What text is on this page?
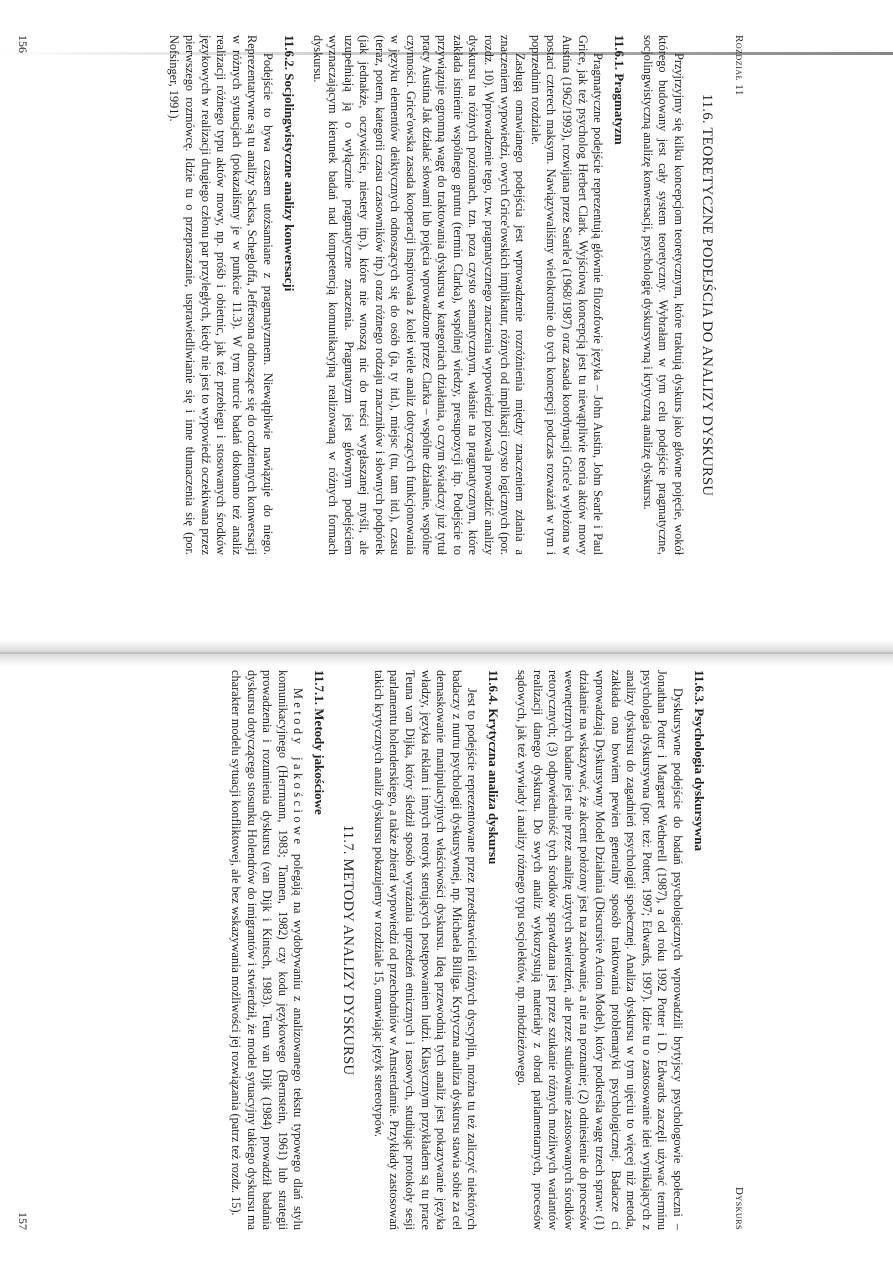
Rozdział 11
11.6. TEORETYCZNE PODEJŚCIA DO ANALIZY DYSKURSU

Przyjrzyjmy się kilku koncepcjom teoretycznym, które traktują dyskurs jako główne pojęcie, wokół którego budowany jest cały system teoretyczny. Wybrałam w tym celu podejście pragmatyczne, socjolingwistyczną analizę konwersacji, psychologię dyskursywną i krytyczną analizę dyskursu.

11.6.1. Pragmatyzm

Pragmatyczne podejście reprezentują głównie filozofowie języka – John Austin, John Searle i Paul Grice, jak też psycholog Herbert Clark. Wyjściową koncepcją jest tu niewątpliwie teoria aktów mowy Austina (1962/1993), rozwijana przez Searle'a (1968/1987) oraz zasada koordynacji Grice'a wyłożona w postaci czterech maksym. Nawiązywaliśmy wielokrotnie do tych koncepcji podczas rozważań w tym i poprzednim rozdziale.

Zasługą omawianego podejścia jest wprowadzenie rozróżnienia między znaczeniem zdania a znaczeniem wypowiedzi, owych Grice'owskich implikatur, różnych od implikacji czysto logicznych (por. rozdz. 10). Wprowadzenie tego, tzw. pragmatycznego znaczenia wypowiedzi pozwala prowadzić analizy dyskursu na różnych poziomach, tzn. poza czysto semantycznym, właśnie na pragmatycznym, które zakłada istnienie wspólnego gruntu (termin Clarka), wspólnej wiedzy, presupozycji itp. Podejście to przywiązuje ogromną wagę do traktowania dyskursu w kategoriach działania, o czym świadczy już tytuł pracy Austina Jak działać słowami lub pojęcia wprowadzone przez Clarka – wspólne działanie, wspólne czynności. Grice'owska zasada kooperacji inspirowała z kolei wiele analiz dotyczących funkcjonowania w języku elementów deiktycznych odnoszących się do osób (ja, ty itd.), miejsc (tu, tam itd.), czasu (teraz, potem, kategorii czasu czasowników itp.) oraz różnego rodzaju znaczników i słownych podpórek (jak jednakże, oczywiście, niestety itp.), które nie wnoszą nic do treści wygłaszanej myśli, ale uzupełniają ją o wyłącznie pragmatyczne znaczenia. Pragmatyzm jest głównym podejściem wyznaczającym kierunek badań nad kompetencją komunikacyjną realizowaną w różnych formach dyskursu.

11.6.2. Socjolingwistyczne analizy konwersacji

Podejście to bywa czasem utożsamiane z pragmatyzmem. Niewątpliwie nawiązuje do niego. Reprezentatywne są tu analizy Sacksa, Schegloffa, Jeffersona odnoszące się do codziennych konwersacji w różnych sytuacjach (pokazaliśmy je w punkcie 11.3). W tym nurcie badań dokonano też analiz realizacji różnego typu aktów mowy, np. próśb i obietnic, jak też przebiegu i stosowanych środków językowych w realizacji drugiego członu par przyległych, kiedy nie jest to wypowiedź oczekiwana przez pierwszego rozmówcę. Idzie tu o przepraszanie, usprawiedliwianie się i inne tłumaczenia się (por. Nofsinger, 1991).

156
Dyskurs
11.6.3. Psychologia dyskursywna

Dyskursywne podejście do badań psychologicznych wprowadzili brytyjscy psychologowie społeczni – Jonathan Potter i Margaret Wetherell (1987), a od roku 1992 Potter i D. Edwards zaczęli używać terminu psychologia dyskursywna (por. też: Potter, 1997; Edwards, 1997). Idzie tu o zastosowanie idei wynikających z analizy dyskursu do zagadnień psychologii społecznej. Analiza dyskursu w tym ujęciu to więcej niż metoda, zakłada ona bowiem pewien generalny sposób traktowania problematyki psychologicznej. Badacze ci wprowadzają Dyskursywny Model Działania (Discursive Action Model), który podkreśla wagę trzech spraw: (1) działanie na wskazywać, że akcent położony jest na zachowanie, a nie na poznanie; (2) odniesienie do procesów wewnętrznych badane jest nie przez analizę użytych stwierdzeń, ale przez studiowanie zastosowanych środków retorycznych; (3) odpowiedniość tych środków sprawdzana jest przez szukanie różnych możliwych wariantów realizacji danego dyskursu. Do swych analiz wykorzystują materiały z obrad parlamentarnych, procesów sądowych, jak też wywiady i analizy różnego typu socjolektów, np. młodzieżowego.

11.6.4. Krytyczna analiza dyskursu

Jest to podejście reprezentowane przez przedstawicieli różnych dyscyplin, można tu też zaliczyć niektórych badaczy z nurtu psychologii dyskursywnej, np. Michaela Billiga. Krytyczna analiza dyskursu stawia sobie za cel demaskowanie manipulacyjnych właściwości dyskursu. Ideą przewodnią tych analiz jest pokazywanie języka władzy, języka reklam i innych retoryk sterujących postępowaniem ludzi. Klasycznym przykładem są tu prace Teuna van Dijka, który śledził sposób wyrażania uprzedzeń etnicznych i rasowych, studiując protokoły sesji parlamentu holenderskiego, a także zbierał wypowiedzi od przechodniów w Amsterdamie. Przykłady zastosowań takich krytycznych analiz dyskursu pokazujemy w rozdziale 15, omawiając język stereotypów.

11.7. METODY ANALIZY DYSKURSU
11.7.1. Metody jakościowe

Metody jakościowe polegają na wydobywaniu z analizowanego tekstu typowego dlań stylu komunikacyjnego (Herrmann, 1983; Tannen, 1982) czy kodu językowego (Bernstein, 1961) lub strategii prowadzenia i rozumienia dyskursu (van Dijk i Kintsch, 1983). Teun van Dijk (1984) prowadził badania dyskursu dotyczącego stosunku Holendrów do imigrantów i stwierdził, że model sytuacyjny takiego dyskursu ma charakter modelu sytuacji konfliktowej, ale bez wskazywania możliwości jej rozwiązania (patrz też rozdz. 15).

157
